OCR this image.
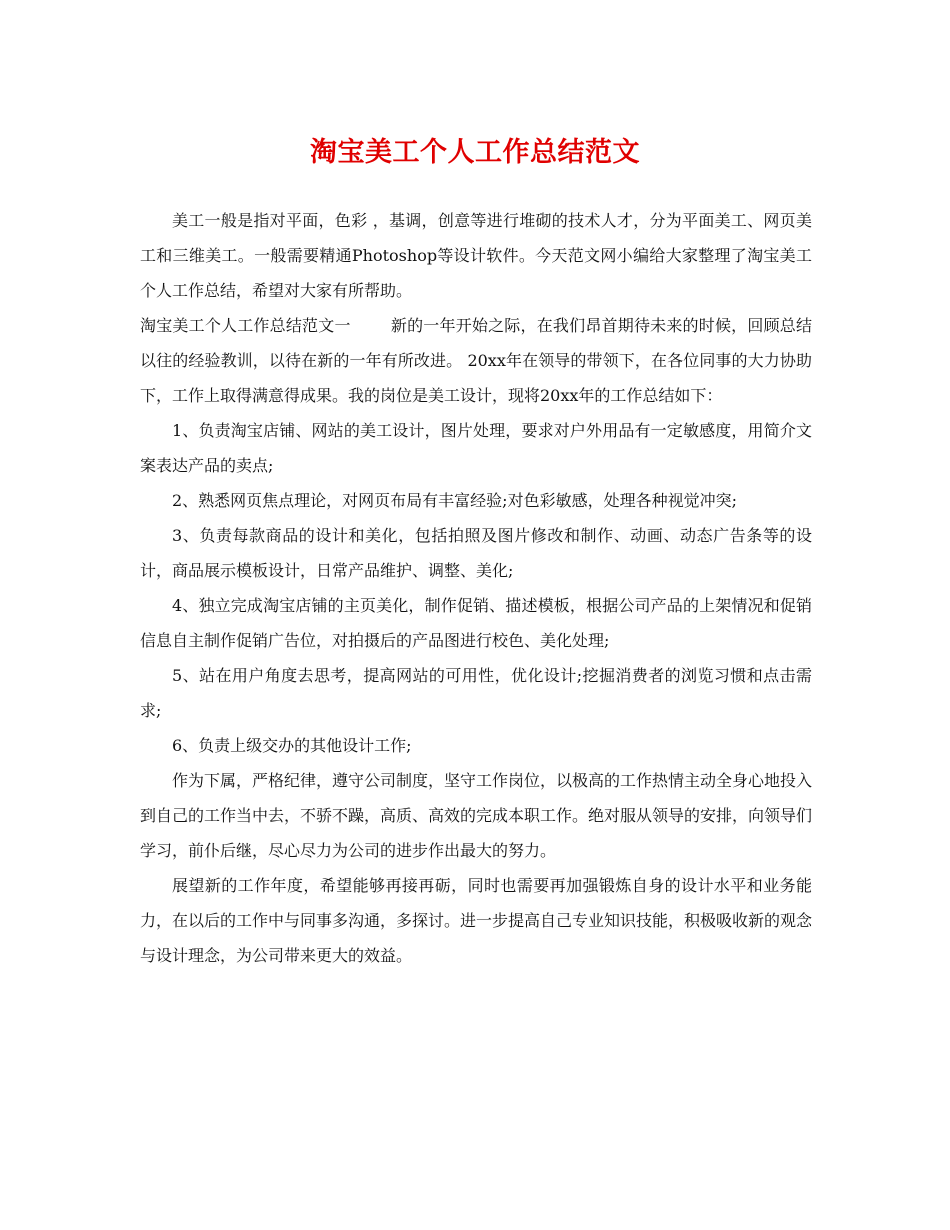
淘宝美工个人工作总结范文

美工一般是指对平面，色彩 ，基调，创意等进行堆砌的技术人才，分为平面美工、网页美工和三维美工。一般需要精通Photoshop等设计软件。今天范文网小编给大家整理了淘宝美工个人工作总结，希望对大家有所帮助。

淘宝美工个人工作总结范文一	新的一年开始之际，在我们昂首期待未来的时候，回顾总结以往的经验教训，以待在新的一年有所改进。 20xx年在领导的带领下，在各位同事的大力协助下，工作上取得满意得成果。我的岗位是美工设计，现将20xx年的工作总结如下：

1、负责淘宝店铺、网站的美工设计，图片处理，要求对户外用品有一定敏感度，用简介文案表达产品的卖点;

2、熟悉网页焦点理论，对网页布局有丰富经验;对色彩敏感，处理各种视觉冲突;

3、负责每款商品的设计和美化，包括拍照及图片修改和制作、动画、动态广告条等的设计，商品展示模板设计，日常产品维护、调整、美化;

4、独立完成淘宝店铺的主页美化，制作促销、描述模板，根据公司产品的上架情况和促销信息自主制作促销广告位，对拍摄后的产品图进行校色、美化处理;

5、站在用户角度去思考，提高网站的可用性，优化设计;挖掘消费者的浏览习惯和点击需求;

6、负责上级交办的其他设计工作;

作为下属，严格纪律，遵守公司制度，坚守工作岗位，以极高的工作热情主动全身心地投入到自己的工作当中去，不骄不躁，高质、高效的完成本职工作。绝对服从领导的安排，向领导们学习，前仆后继，尽心尽力为公司的进步作出最大的努力。

展望新的工作年度，希望能够再接再砺，同时也需要再加强锻炼自身的设计水平和业务能力，在以后的工作中与同事多沟通，多探讨。进一步提高自己专业知识技能，积极吸收新的观念与设计理念，为公司带来更大的效益。
